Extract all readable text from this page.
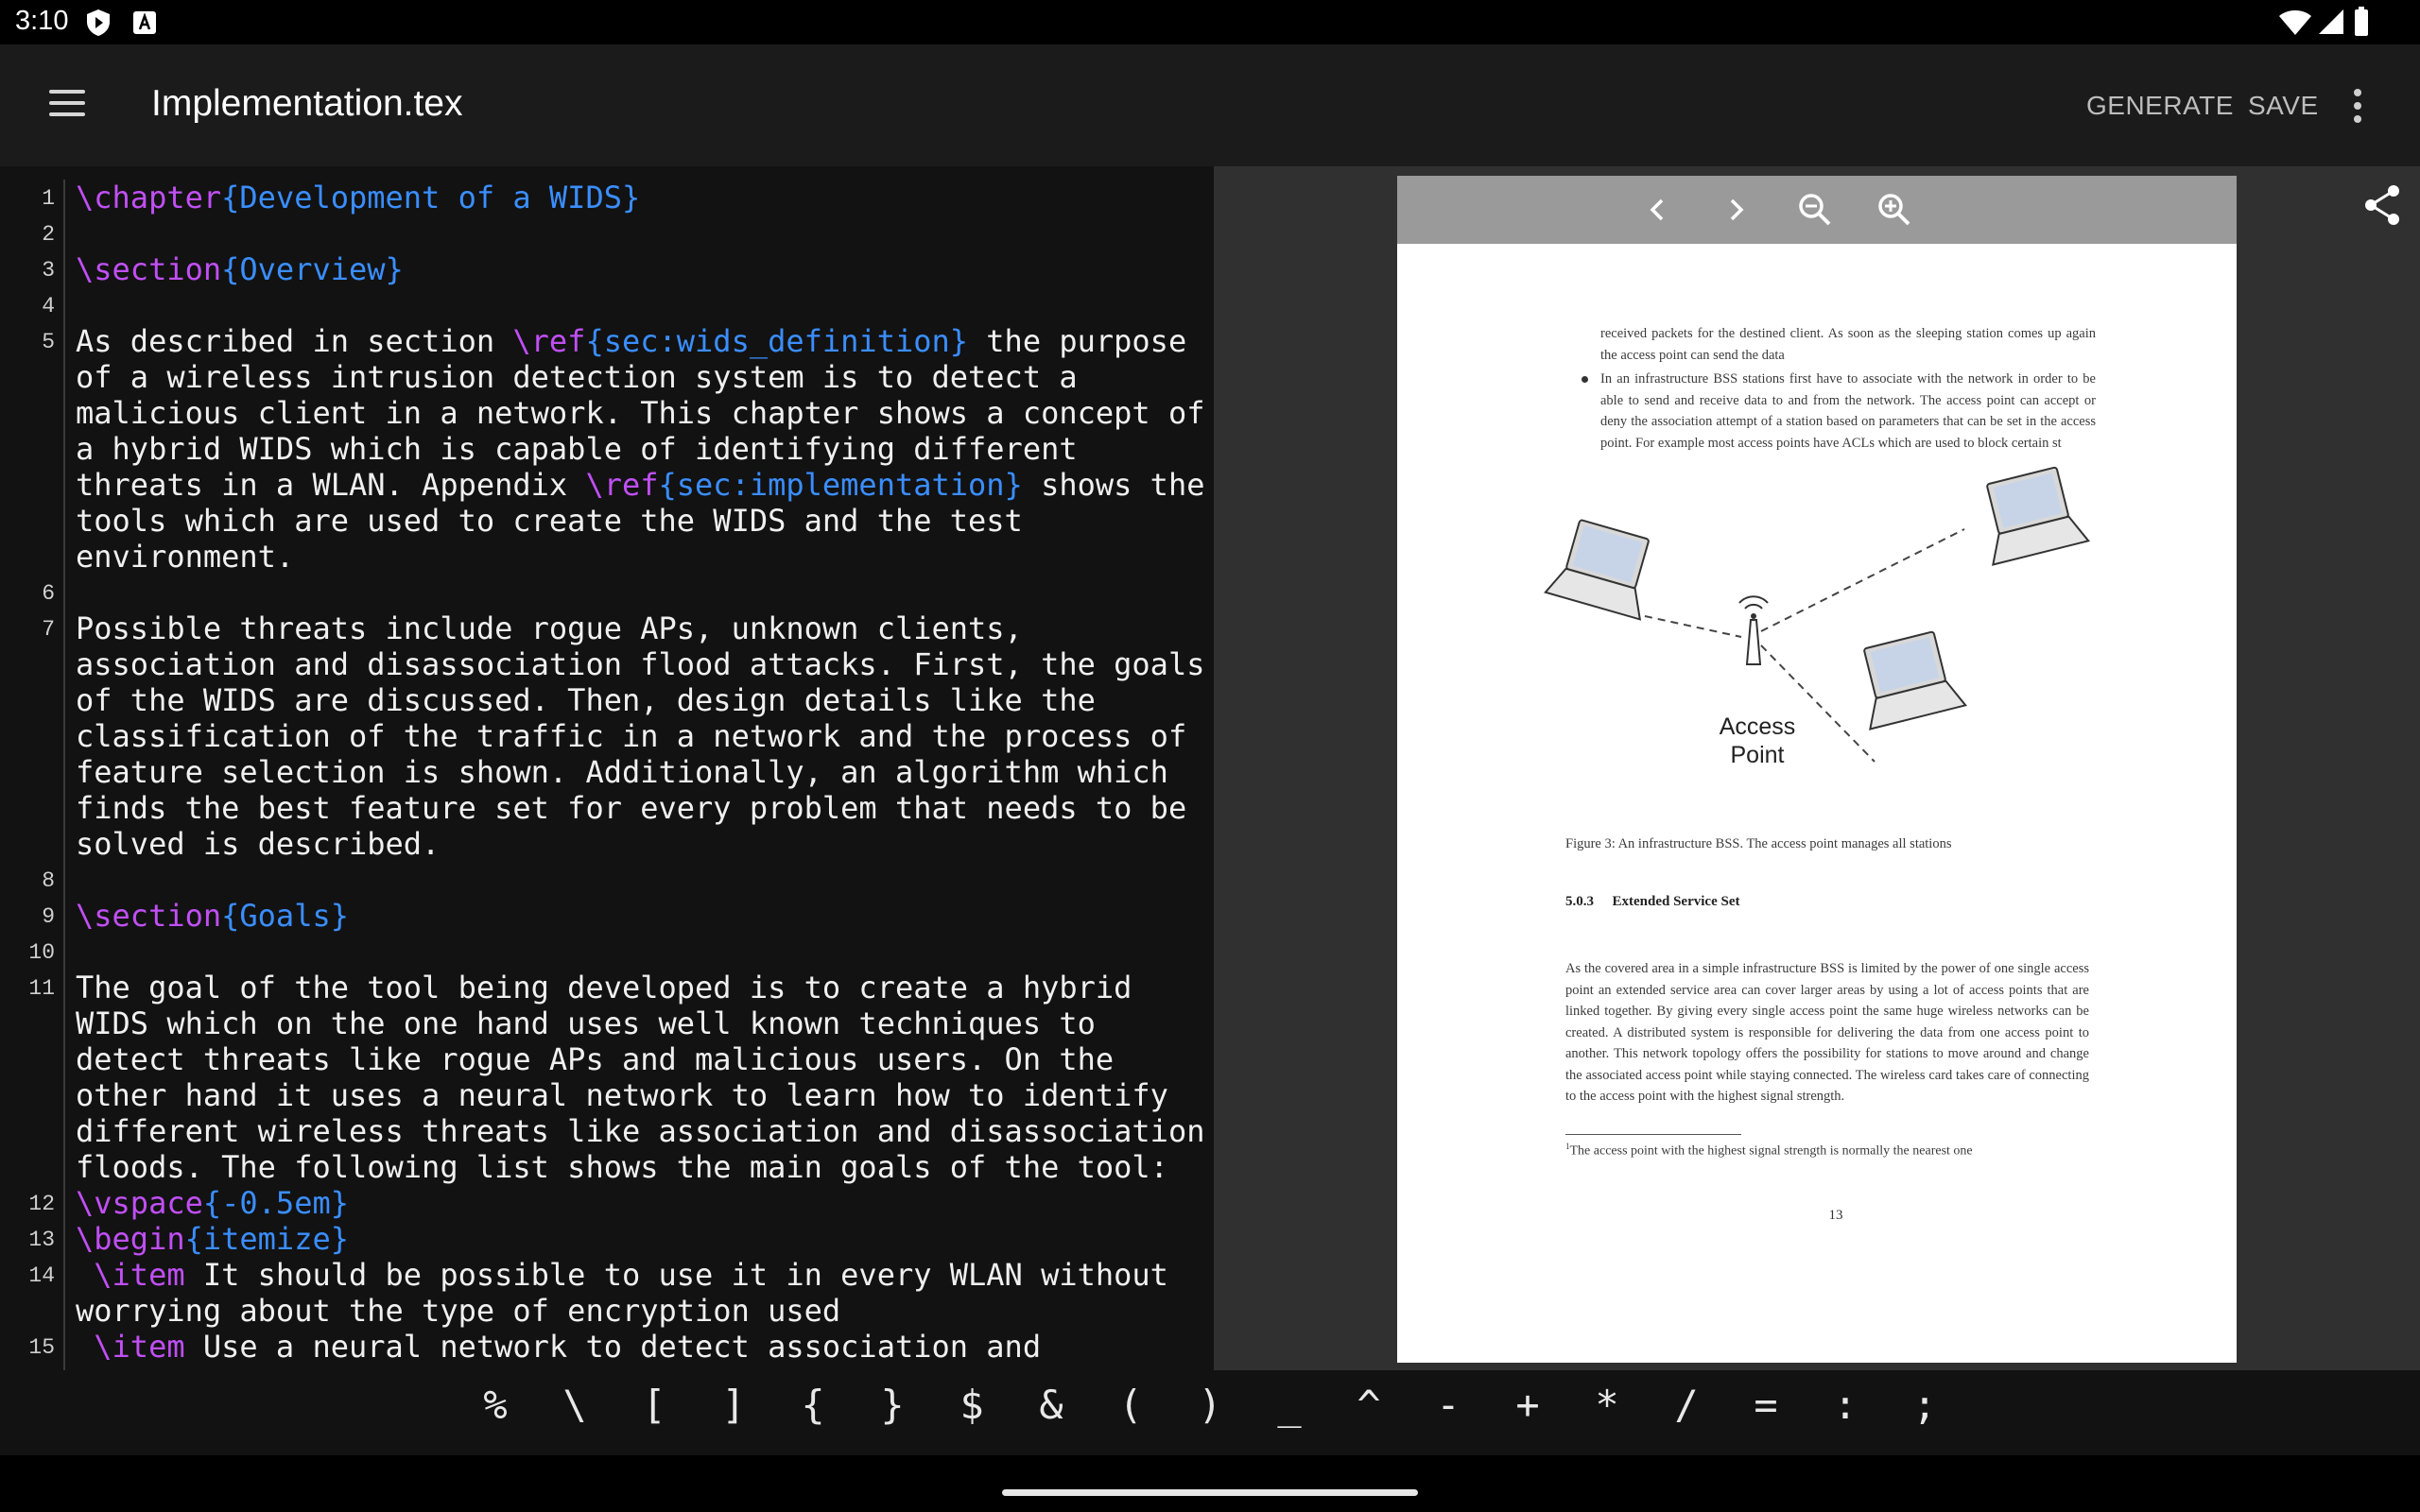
3:10
Implementation.tex	GENERATE SAVE
1 \chapter{Development of a WIDS}
2
3 \section{Overview}
4
5 As described in section \ref{sec:wids_definition} the purpose
of a wireless intrusion detection system is to detect a
malicious client in a network. This chapter shows a concept of
a hybrid WIDS which is capable of identifying different
threats in a WLAN. Appendix \ref{sec:implementation} shows the
tools which are used to create the WIDS and the test
environment.
6
7 Possible threats include rogue APs, unknown clients,
association and disassociation flood attacks. First, the goals
of the WIDS are discussed. Then, design details like the
classification of the traffic in a network and the process of
feature selection is shown. Additionally, an algorithm which
finds the best feature set for every problem that needs to be
solved is described.
8
9 \section{Goals}
10
11 The goal of the tool being developed is to create a hybrid
WIDS which on the one hand uses well known techniques to
detect threats like rogue APs and malicious users. On the
other hand it uses a neural network to learn how to identify
different wireless threats like association and disassociation
floods. The following list shows the main goals of the tool:
12 \vspace{-0.5em}
13 \begin{itemize}
14	\item It should be possible to use it in every WLAN without
worrying about the type of encryption used
15	\item Use a neural network to detect association and
received packets for the destined client. As soon as the sleeping station comes up again the access point can send the data
In an infrastructure BSS stations first have to associate with the network in order to be able to send and receive data to and from the network. The access point can accept or deny the association attempt of a station based on parameters that can be set in the access point. For example most access points have ACLs which are used to block certain st
Access
Point
Figure 3: An infrastructure BSS. The access point manages all stations
5.0.3 Extended Service Set
As the covered area in a simple infrastructure BSS is limited by the power of one single access point an extended service area can cover larger areas by using a lot of access points that are linked together. By giving every single access point the same huge wireless networks can be created. A distributed system is responsible for delivering the data from one access point to another. This network topology offers the possibility for stations to move around and change the associated access point while staying connected. The wireless card takes care of connecting to the access point with the highest signal strength.
$^1$The access point with the highest signal strength is normally the nearest one
13
%	\	[	]	{	}	$	&	(	)	_	^	-	+	*	/	=	:	;
